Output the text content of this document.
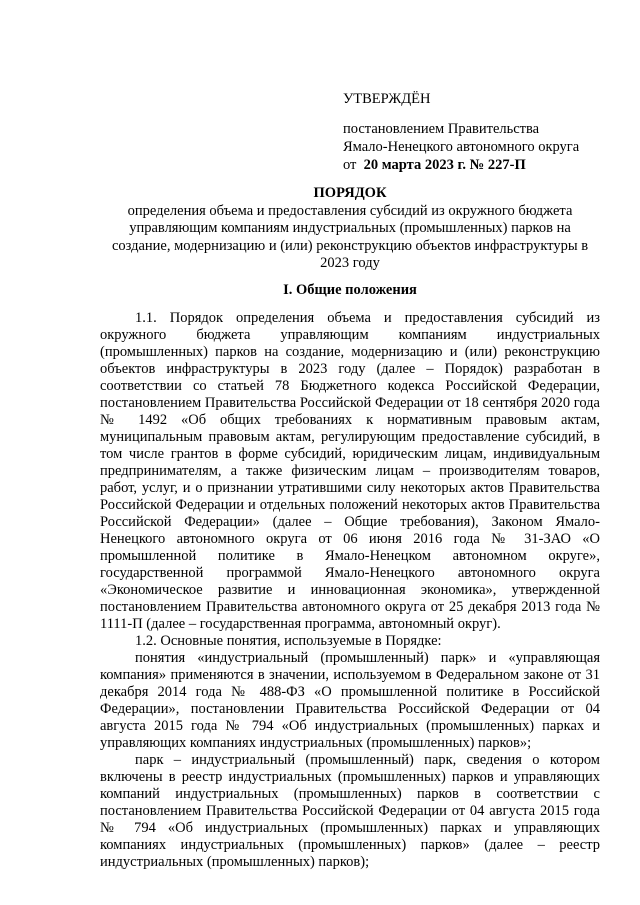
УТВЕРЖДЁН
постановлением Правительства
Ямало-Ненецкого автономного округа
от 20 марта 2023 г. № 227-П
ПОРЯДОК
определения объема и предоставления субсидий из окружного бюджета управляющим компаниям индустриальных (промышленных) парков на создание, модернизацию и (или) реконструкцию объектов инфраструктуры в 2023 году
I. Общие положения

1.1. Порядок определения объема и предоставления субсидий из окружного бюджета управляющим компаниям индустриальных (промышленных) парков на создание, модернизацию и (или) реконструкцию объектов инфраструктуры в 2023 году (далее – Порядок) разработан в соответствии со статьей 78 Бюджетного кодекса Российской Федерации, постановлением Правительства Российской Федерации от 18 сентября 2020 года № 1492 «Об общих требованиях к нормативным правовым актам, муниципальным правовым актам, регулирующим предоставление субсидий, в том числе грантов в форме субсидий, юридическим лицам, индивидуальным предпринимателям, а также физическим лицам – производителям товаров, работ, услуг, и о признании утратившими силу некоторых актов Правительства Российской Федерации и отдельных положений некоторых актов Правительства Российской Федерации» (далее – Общие требования), Законом Ямало-Ненецкого автономного округа от 06 июня 2016 года № 31-ЗАО «О промышленной политике в Ямало-Ненецком автономном округе», государственной программой Ямало-Ненецкого автономного округа «Экономическое развитие и инновационная экономика», утвержденной постановлением Правительства автономного округа от 25 декабря 2013 года № 1111-П (далее – государственная программа, автономный округ).

1.2. Основные понятия, используемые в Порядке:

понятия «индустриальный (промышленный) парк» и «управляющая компания» применяются в значении, используемом в Федеральном законе от 31 декабря 2014 года № 488-ФЗ «О промышленной политике в Российской Федерации», постановлении Правительства Российской Федерации от 04 августа 2015 года № 794 «Об индустриальных (промышленных) парках и управляющих компаниях индустриальных (промышленных) парков»;

парк – индустриальный (промышленный) парк, сведения о котором включены в реестр индустриальных (промышленных) парков и управляющих компаний индустриальных (промышленных) парков в соответствии с постановлением Правительства Российской Федерации от 04 августа 2015 года № 794 «Об индустриальных (промышленных) парках и управляющих компаниях индустриальных (промышленных) парков» (далее – реестр индустриальных (промышленных) парков);
